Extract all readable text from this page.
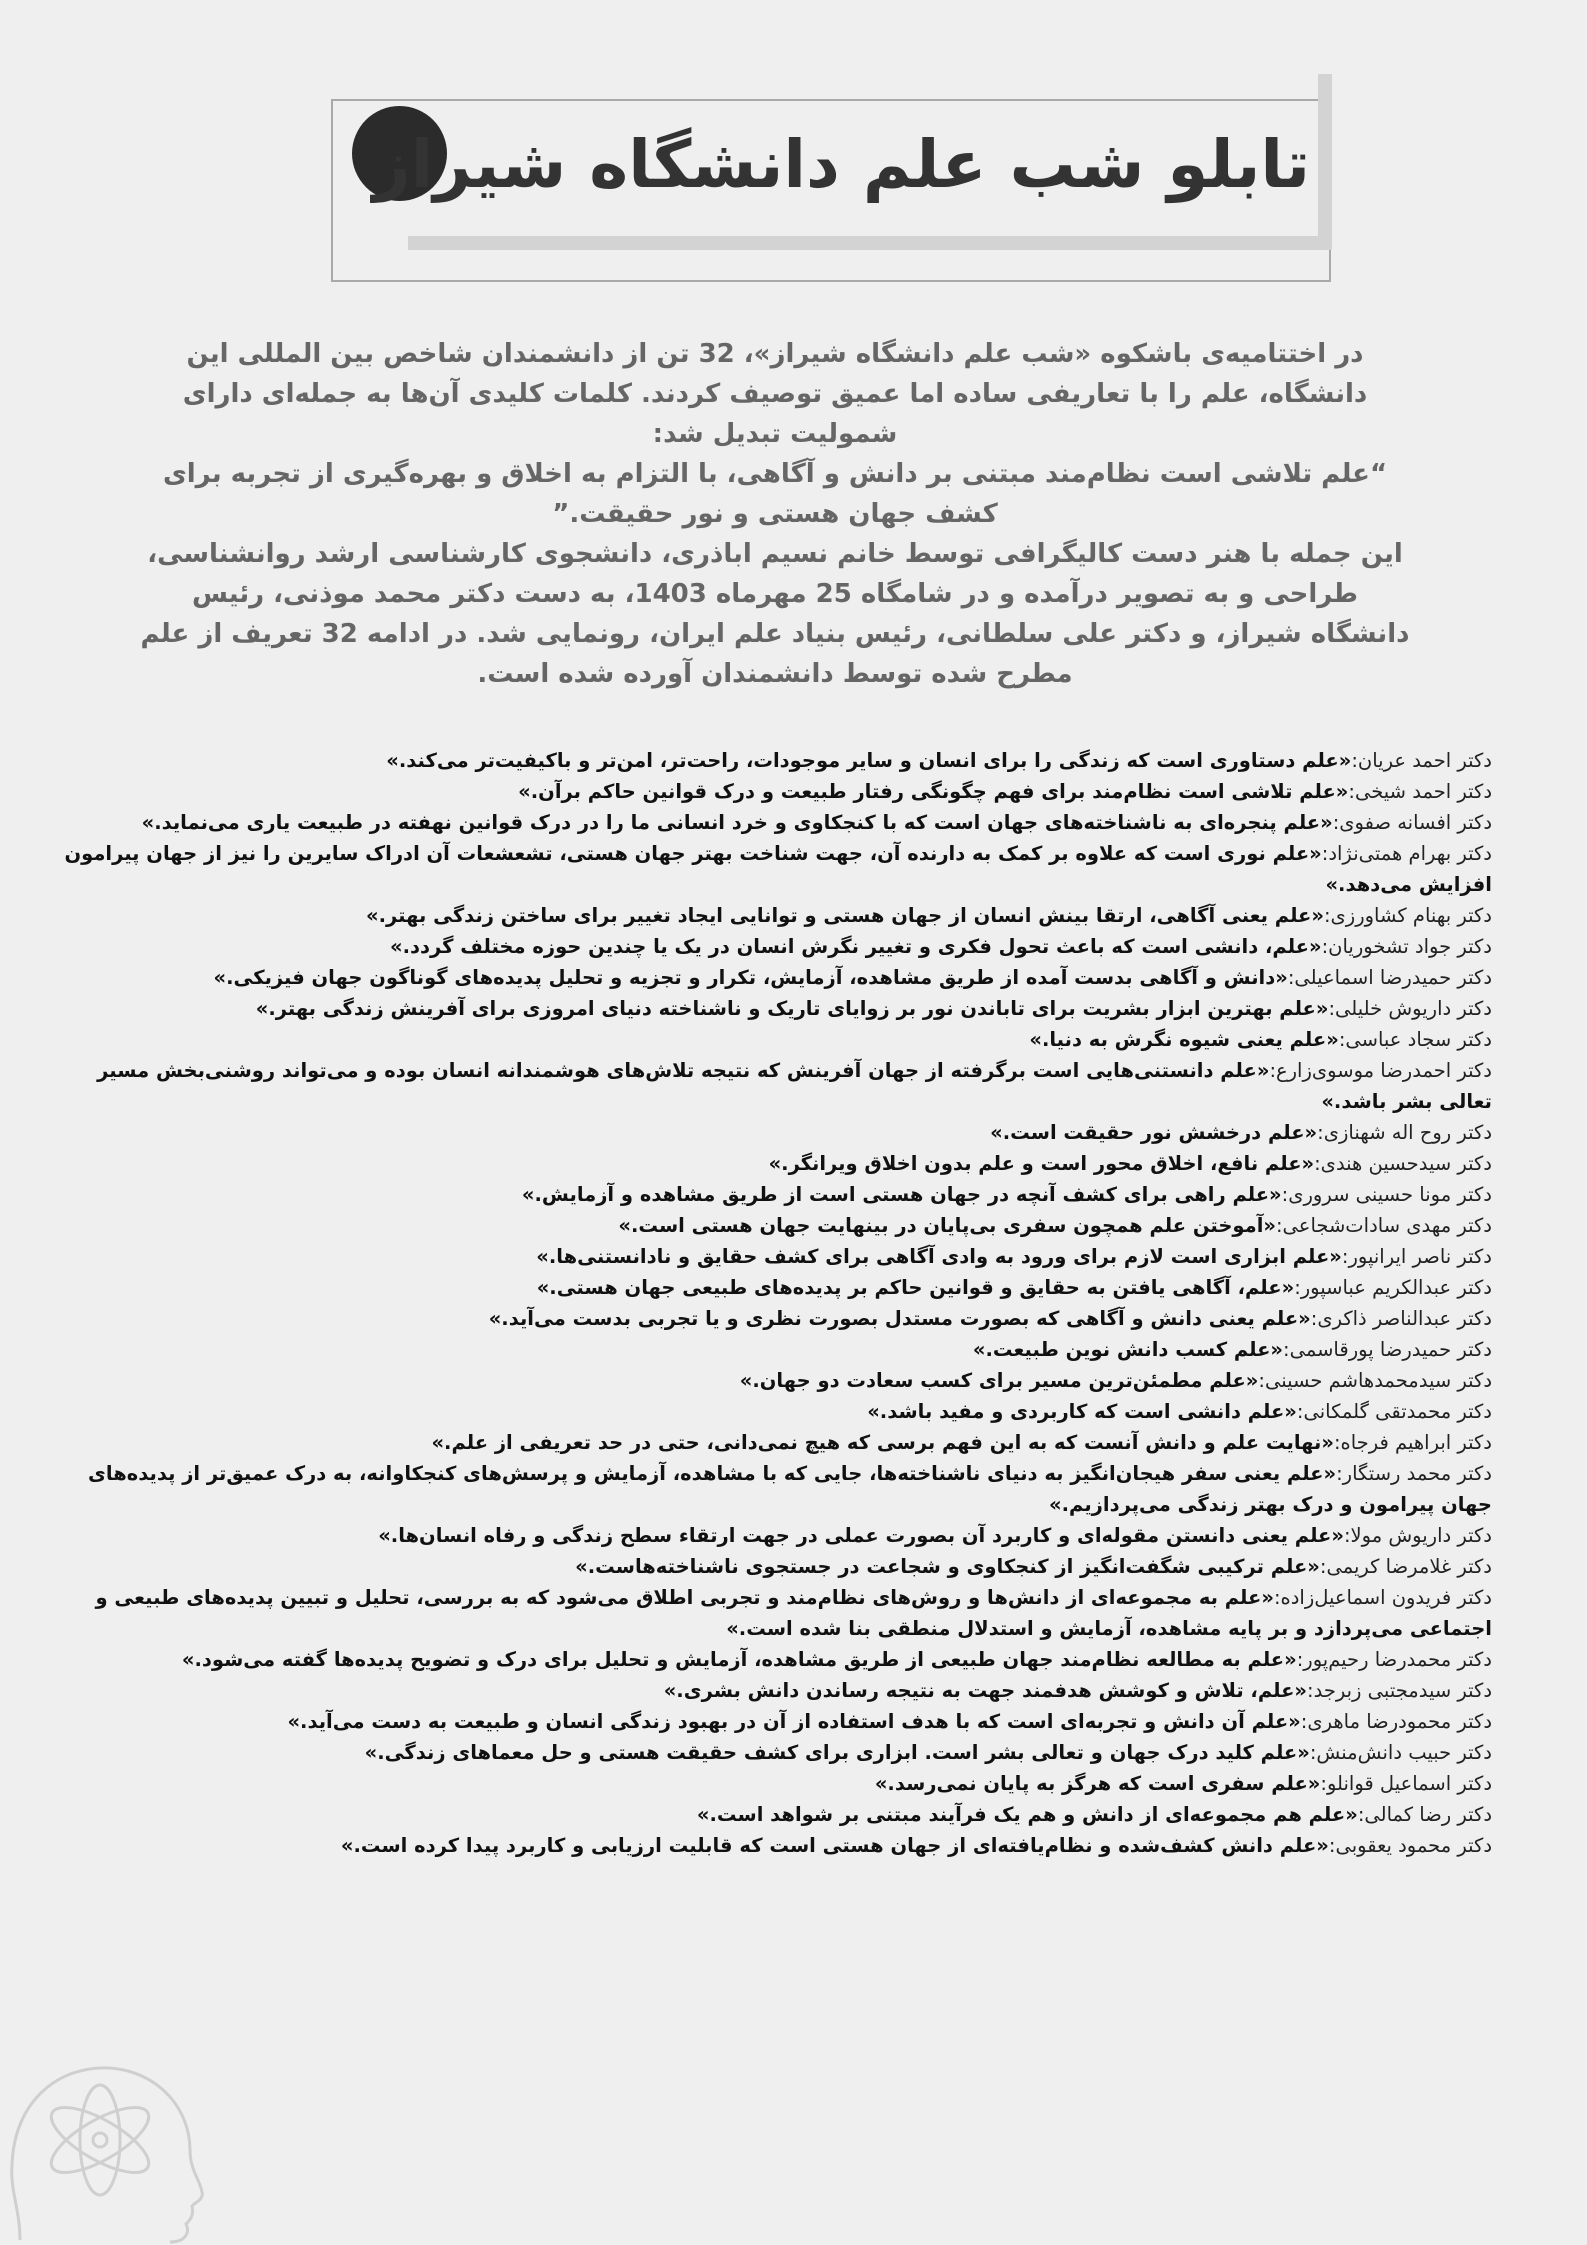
تابلو شب علم دانشگاه شیراز

در اختتامیه‌ی باشکوه «شب علم دانشگاه شیراز»، 32 تن از دانشمندان شاخص بین المللی این دانشگاه، علم را با تعاریفی ساده اما عمیق توصیف کردند. کلمات کلیدی آن‌ها به جمله‌ای دارای شمولیت تبدیل شد:

“علم تلاشی است نظام‌مند مبتنی بر دانش و آگاهی، با التزام به اخلاق و بهره‌گیری از تجربه برای کشف جهان هستی و نور حقیقت.”

این جمله با هنر دست کالیگرافی توسط خانم نسیم اباذری، دانشجوی کارشناسی ارشد روانشناسی، طراحی و به تصویر درآمده و در شامگاه 25 مهرماه 1403، به دست دکتر محمد موذنی، رئیس دانشگاه شیراز، و دکتر علی سلطانی، رئیس بنیاد علم ایران، رونمایی شد. در ادامه 32 تعریف از علم مطرح شده توسط دانشمندان آورده شده است.

دکتر احمد عریان:«علم دستاوری است که زندگی را برای انسان و سایر موجودات، راحت‌تر، امن‌تر و باکیفیت‌تر می‌کند.»
دکتر احمد شیخی:«علم تلاشی است نظام‌مند برای فهم چگونگی رفتار طبیعت و درک قوانین حاکم برآن.»
دکتر افسانه صفوی:«علم پنجره‌ای به ناشناخته‌های جهان است که با کنجکاوی و خرد انسانی ما را در درک قوانین نهفته در طبیعت یاری می‌نماید.»
دکتر بهرام همتی‌نژاد:«علم نوری است که علاوه بر کمک به دارنده آن، جهت شناخت بهتر جهان هستی، تشعشعات آن ادراک سایرین را نیز از جهان پیرامون افزایش می‌دهد.»
دکتر بهنام کشاورزی:«علم یعنی آگاهی، ارتقا بینش انسان از جهان هستی و توانایی ایجاد تغییر برای ساختن زندگی بهتر.»
دکتر جواد تشخوریان:«علم، دانشی است که باعث تحول فکری و تغییر نگرش انسان در یک یا چندین حوزه مختلف گردد.»
دکتر حمیدرضا اسماعیلی:«دانش و آگاهی بدست آمده از طریق مشاهده، آزمایش، تکرار و تجزیه و تحلیل پدیده‌های گوناگون جهان فیزیکی.»
دکتر داریوش خلیلی:«علم بهترین ابزار بشریت برای تاباندن نور بر زوایای تاریک و ناشناخته دنیای امروزی برای آفرینش زندگی بهتر.»
دکتر سجاد عباسی:«علم یعنی شیوه نگرش به دنیا.»
دکتر احمدرضا موسوی‌زارع:«علم دانستنی‌هایی است برگرفته از جهان آفرینش که نتیجه تلاش‌های هوشمندانه انسان بوده و می‌تواند روشنی‌بخش مسیر تعالی بشر باشد.»
دکتر روح اله شهنازی:«علم درخشش نور حقیقت است.»
دکتر سیدحسین هندی:«علم نافع، اخلاق محور است و علم بدون اخلاق ویرانگر.»
دکتر مونا حسینی سروری:«علم راهی برای کشف آنچه در جهان هستی است از طریق مشاهده و آزمایش.»
دکتر مهدی سادات‌شجاعی:«آموختن علم همچون سفری بی‌پایان در بینهایت جهان هستی است.»
دکتر ناصر ایرانپور:«علم ابزاری است لازم برای ورود به وادی آگاهی برای کشف حقایق و نادانستنی‌ها.»
دکتر عبدالکریم عباسپور:«علم، آگاهی یافتن به حقایق و قوانین حاکم بر پدیده‌های طبیعی جهان هستی.»
دکتر عبدالناصر ذاکری:«علم یعنی دانش و آگاهی که بصورت مستدل بصورت نظری و یا تجربی بدست می‌آید.»
دکتر حمیدرضا پورقاسمی:«علم کسب دانش نوین طبیعت.»
دکتر سیدمحمدهاشم حسینی:«علم مطمئن‌ترین مسیر برای کسب سعادت دو جهان.»
دکتر محمدتقی گلمکانی:«علم دانشی است که کاربردی و مفید باشد.»
دکتر ابراهیم فرجاه:«نهایت علم و دانش آنست که به این فهم برسی که هیچ نمی‌دانی، حتی در حد تعریفی از علم.»
دکتر محمد رستگار:«علم یعنی سفر هیجان‌انگیز به دنیای ناشناخته‌ها، جایی که با مشاهده، آزمایش و پرسش‌های کنجکاوانه، به درک عمیق‌تر از پدیده‌های جهان پیرامون و درک بهتر زندگی می‌پردازیم.»
دکتر داریوش مولا:«علم یعنی دانستن مقوله‌ای و کاربرد آن بصورت عملی در جهت ارتقاء سطح زندگی و رفاه انسان‌ها.»
دکتر غلامرضا کریمی:«علم ترکیبی شگفت‌انگیز از کنجکاوی و شجاعت در جستجوی ناشناخته‌هاست.»
دکتر فریدون اسماعیل‌زاده:«علم به مجموعه‌ای از دانش‌ها و روش‌های نظام‌مند و تجربی اطلاق می‌شود که به بررسی، تحلیل و تبیین پدیده‌های طبیعی و اجتماعی می‌پردازد و بر پایه مشاهده، آزمایش و استدلال منطقی بنا شده است.»
دکتر محمدرضا رحیم‌پور:«علم به مطالعه نظام‌مند جهان طبیعی از طریق مشاهده، آزمایش و تحلیل برای درک و تضویح پدیده‌ها گفته می‌شود.»
دکتر سیدمجتبی زبرجد:«علم، تلاش و کوشش هدفمند جهت به نتیجه رساندن دانش بشری.»
دکتر محمودرضا ماهری:«علم آن دانش و تجربه‌ای است که با هدف استفاده از آن در بهبود زندگی انسان و طبیعت به دست می‌آید.»
دکتر حبیب دانش‌منش:«علم کلید درک جهان و تعالی بشر است. ابزاری برای کشف حقیقت هستی و حل معماهای زندگی.»
دکتر اسماعیل قوانلو:«علم سفری است که هرگز به پایان نمی‌رسد.»
دکتر رضا کمالی:«علم هم مجموعه‌ای از دانش و هم یک فرآیند مبتنی بر شواهد است.»
دکتر محمود یعقوبی:«علم دانش کشف‌شده و نظام‌یافته‌ای از جهان هستی است که قابلیت ارزیابی و کاربرد پیدا کرده است.»
